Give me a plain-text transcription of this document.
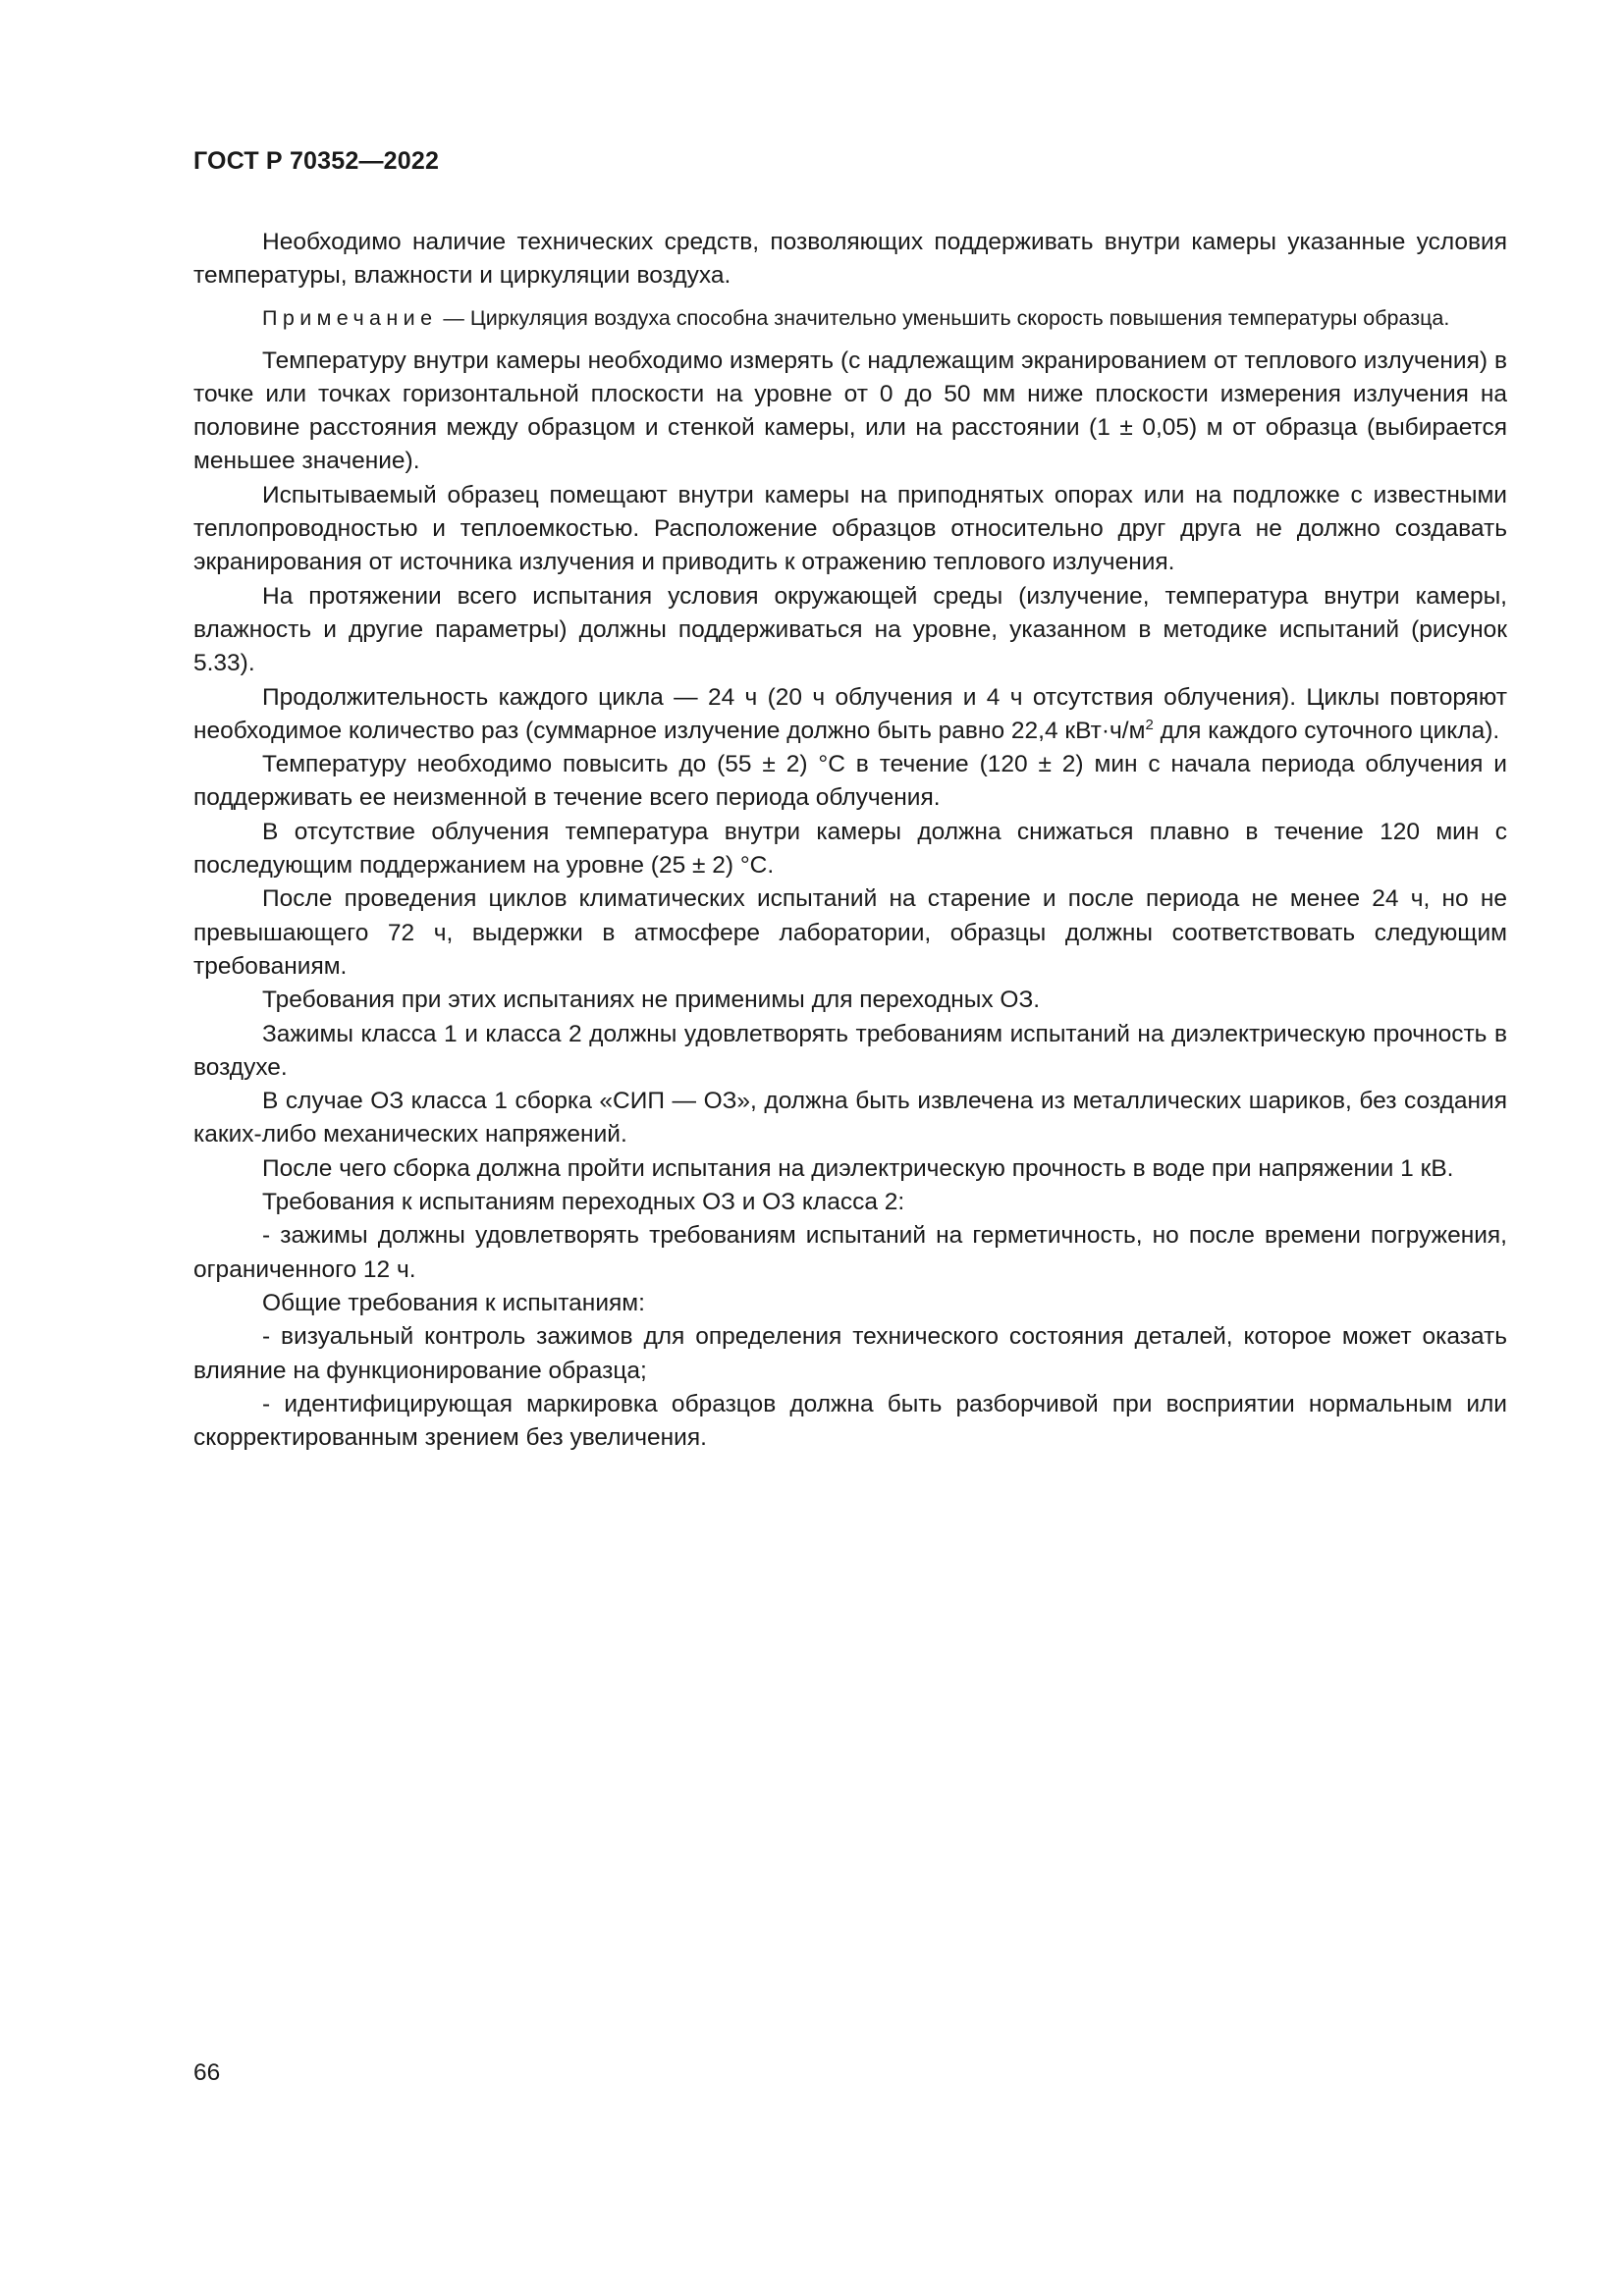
ГОСТ Р 70352—2022

Необходимо наличие технических средств, позволяющих поддерживать внутри камеры указанные условия температуры, влажности и циркуляции воздуха.

Примечание — Циркуляция воздуха способна значительно уменьшить скорость повышения температуры образца.

Температуру внутри камеры необходимо измерять (с надлежащим экранированием от теплового излучения) в точке или точках горизонтальной плоскости на уровне от 0 до 50 мм ниже плоскости измерения излучения на половине расстояния между образцом и стенкой камеры, или на расстоянии (1 ± 0,05) м от образца (выбирается меньшее значение).

Испытываемый образец помещают внутри камеры на приподнятых опорах или на подложке с известными теплопроводностью и теплоемкостью. Расположение образцов относительно друг друга не должно создавать экранирования от источника излучения и приводить к отражению теплового излучения.

На протяжении всего испытания условия окружающей среды (излучение, температура внутри камеры, влажность и другие параметры) должны поддерживаться на уровне, указанном в методике испытаний (рисунок 5.33).

Продолжительность каждого цикла — 24 ч (20 ч облучения и 4 ч отсутствия облучения). Циклы повторяют необходимое количество раз (суммарное излучение должно быть равно 22,4 $кВт\cdot ч/м^2$ для каждого суточного цикла).

Температуру необходимо повысить до (55 ± 2) °С в течение (120 ± 2) мин с начала периода облучения и поддерживать ее неизменной в течение всего периода облучения.

В отсутствие облучения температура внутри камеры должна снижаться плавно в течение 120 мин с последующим поддержанием на уровне (25 ± 2) °С.

После проведения циклов климатических испытаний на старение и после периода не менее 24 ч, но не превышающего 72 ч, выдержки в атмосфере лаборатории, образцы должны соответствовать следующим требованиям.

Требования при этих испытаниях не применимы для переходных ОЗ.

Зажимы класса 1 и класса 2 должны удовлетворять требованиям испытаний на диэлектрическую прочность в воздухе.

В случае ОЗ класса 1 сборка «СИП — ОЗ», должна быть извлечена из металлических шариков, без создания каких-либо механических напряжений.

После чего сборка должна пройти испытания на диэлектрическую прочность в воде при напряжении 1 кВ.

Требования к испытаниям переходных ОЗ и ОЗ класса 2:

- зажимы должны удовлетворять требованиям испытаний на герметичность, но после времени погружения, ограниченного 12 ч.

Общие требования к испытаниям:

- визуальный контроль зажимов для определения технического состояния деталей, которое может оказать влияние на функционирование образца;

- идентифицирующая маркировка образцов должна быть разборчивой при восприятии нормальным или скорректированным зрением без увеличения.

66
